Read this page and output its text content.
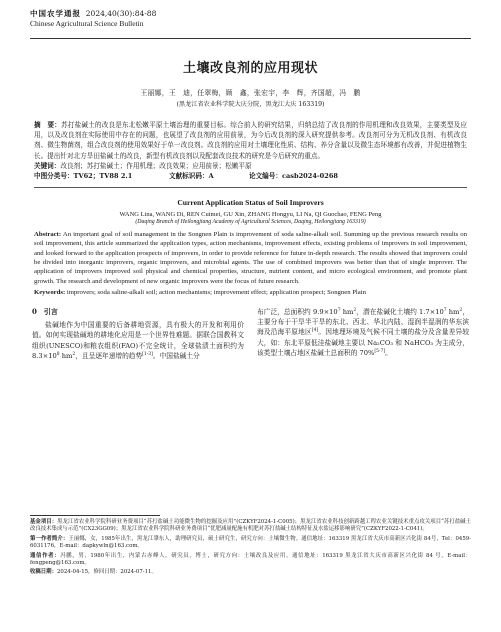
中国农学通报 2024,40(30):84-88
Chinese Agricultural Science Bulletin
土壤改良剂的应用现状
王丽娜，王　迪，任翠梅，顾　鑫，张宏宇，李　辉，齐国超，冯　鹏
(黑龙江省农业科学院大庆分院，黑龙江大庆 163319)
摘　要：苏打盐碱土的改良是东北松嫩平原土壤治理的重要目标。综合前人的研究结果，归纳总结了改良剂的作用机理和改良效果，主要类型及应用，以及改良剂在实际使用中存在的问题，也展望了改良剂的应用前景，为今后改良剂的深入研究提供参考。改良剂可分为无机改良剂、有机改良剂、微生物菌剂，组合改良剂的使用效果好于单一改良剂。改良剂的应用对土壤理化性质、结构、养分含量以及微生态环境都有改善，并促进植物生长。提出针对北方旱田盐碱土的改良，新型有机改良剂以及配套改良技术的研究是今后研究的重点。
关键词：改良剂；苏打盐碱土；作用机理；改良效果；应用前景；松嫩平原
中图分类号：TV62；TV88 2.1	文献标识码：A	论文编号：casb2024-0268
Current Application Status of Soil Improvers
WANG Lina, WANG Di, REN Cuimei, GU Xin, ZHANG Hongyu, LI Na, QI Guochao, FENG Peng
(Daqing Branch of Heilongjiang Academy of Agricultural Sciences, Daqing, Heilongjiang 163319)
Abstract: An important goal of soil management in the Songnen Plain is improvement of soda saline-alkali soil. Summing up the previous research results on soil improvement, this article summarized the application types, action mechanisms, improvement effects, existing problems of improvers in soil improvement, and looked forward to the application prospects of improvers, in order to provide reference for future in-depth research. The results showed that improvers could be divided into inorganic improvers, organic improvers, and microbial agents. The use of combined improvers was better than that of single improver. The application of improvers improved soil physical and chemical properties, structure, nutrient content, and micro ecological environment, and promote plant growth. The research and development of new organic improvers were the focus of future research.
Keywords: improvers; soda saline-alkali soil; action mechanisms; improvement effect; application prospect; Songnen Plain
0　引言

盐碱地作为中国重要的后备耕地资源，具有极大的开发和利用价值。如何实现盐碱地的耕地化应用是一个世界性难题。据联合国教科文组织(UNESCO)和粮农组织(FAO)不完全统计，全球盐渍土面积约为 $8.3\times 10^8$ $hm^2$，且呈逐年递增的趋势[1-3]。中国盐碱土分

布广泛，总面积约 $9.9\times 10^7$ $hm^2$，潜在盐碱化土壤约 $1.7\times 10^7$ $hm^2$，主要分布于干旱半干旱的东北、西北、华北内陆、湿润半湿润的华东滨海及沿海平原地区[4]。因地理环境及气候不同土壤的盐分及含量差异较大，如：东北平原低洼盐碱地主要以 Na₂CO₃ 和 NaHCO₃ 为主成分，该类型土壤占地区盐碱土总面积的 70%[5-7]。

基金项目：黑龙江省农业科学院科研业务费项目“苏打盐碱土功能微生物的挖掘及应用”(CZKYF2024-1-C005)；黑龙江省农业科技创新跨越工程农业关键技术重点攻关项目“苏打盐碱土改良技术集成与示范”(CX23GG09)；黑龙江省农业科学院科研业务费项目“优肥减量配施有机肥对苏打盐碱土结构特征及水盐运移影响研究”(CZKYF2022-1-C041)。

第一作者简介：王丽娜，女，1985年出生，黑龙江肇东人，助理研究员，硕士研究生，研究方向：土壤微生物。通信地址：163319 黑龙江省大庆市高新区兴化街 84号，Tel：0459-6031176，E-mail：dapkywln@163.com。

通信作者：冯鹏，男，1980年出生，内蒙古赤峰人，研究员，博士，研究方向：土壤改良及应用。通信地址：163319 黑龙江省大庆市高新区兴化街 84 号，E-mail：fengpeng@163.com。

收稿日期：2024-04-15，修回日期：2024-07-11。
